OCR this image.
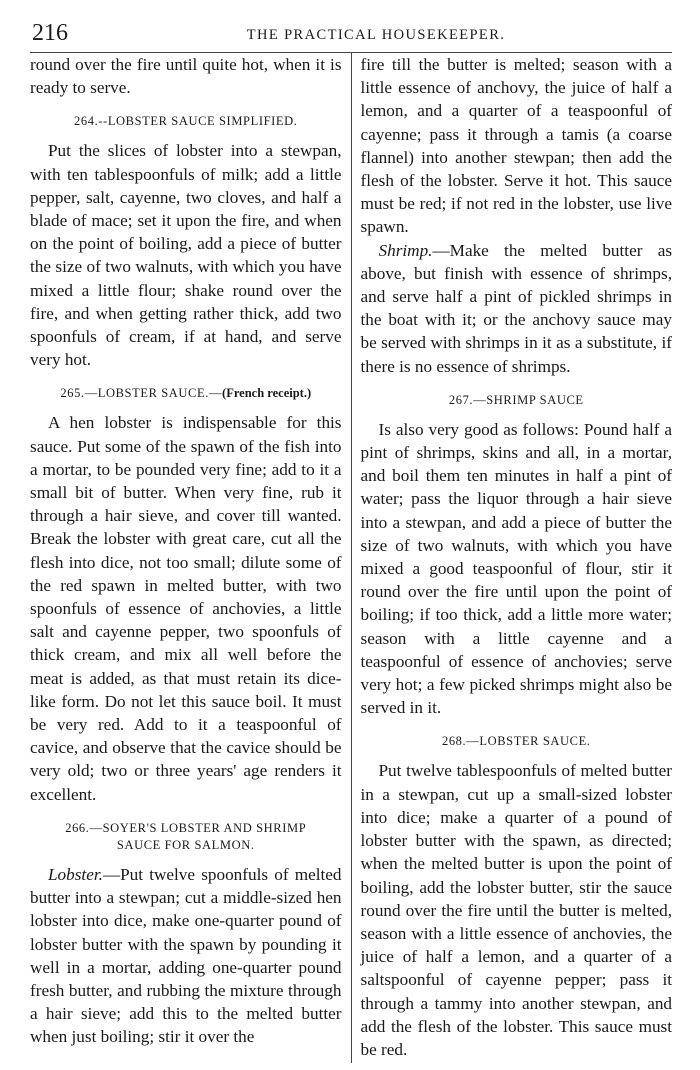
216	THE PRACTICAL HOUSEKEEPER.

round over the fire until quite hot, when it is ready to serve.

264.--LOBSTER SAUCE SIMPLIFIED.

Put the slices of lobster into a stewpan, with ten tablespoonfuls of milk; add a little pepper, salt, cayenne, two cloves, and half a blade of mace; set it upon the fire, and when on the point of boiling, add a piece of butter the size of two walnuts, with which you have mixed a little flour; shake round over the fire, and when getting rather thick, add two spoonfuls of cream, if at hand, and serve very hot.

265.—LOBSTER SAUCE.—(French receipt.)

A hen lobster is indispensable for this sauce. Put some of the spawn of the fish into a mortar, to be pounded very fine; add to it a small bit of butter. When very fine, rub it through a hair sieve, and cover till wanted. Break the lobster with great care, cut all the flesh into dice, not too small; dilute some of the red spawn in melted butter, with two spoonfuls of essence of anchovies, a little salt and cayenne pepper, two spoonfuls of thick cream, and mix all well before the meat is added, as that must retain its dice-like form. Do not let this sauce boil. It must be very red. Add to it a teaspoonful of cavice, and observe that the cavice should be very old; two or three years' age renders it excellent.

266.—SOYER'S LOBSTER AND SHRIMP
SAUCE FOR SALMON.

Lobster.—Put twelve spoonfuls of melted butter into a stewpan; cut a middle-sized hen lobster into dice, make one-quarter pound of lobster butter with the spawn by pounding it well in a mortar, adding one-quarter pound fresh butter, and rubbing the mixture through a hair sieve; add this to the melted butter when just boiling; stir it over the

fire till the butter is melted; season with a little essence of anchovy, the juice of half a lemon, and a quarter of a teaspoonful of cayenne; pass it through a tamis (a coarse flannel) into another stewpan; then add the flesh of the lobster. Serve it hot. This sauce must be red; if not red in the lobster, use live spawn.

Shrimp.—Make the melted butter as above, but finish with essence of shrimps, and serve half a pint of pickled shrimps in the boat with it; or the anchovy sauce may be served with shrimps in it as a substitute, if there is no essence of shrimps.

267.—SHRIMP SAUCE

Is also very good as follows: Pound half a pint of shrimps, skins and all, in a mortar, and boil them ten minutes in half a pint of water; pass the liquor through a hair sieve into a stewpan, and add a piece of butter the size of two walnuts, with which you have mixed a good teaspoonful of flour, stir it round over the fire until upon the point of boiling; if too thick, add a little more water; season with a little cayenne and a teaspoonful of essence of anchovies; serve very hot; a few picked shrimps might also be served in it.

268.—LOBSTER SAUCE.

Put twelve tablespoonfuls of melted butter in a stewpan, cut up a small-sized lobster into dice; make a quarter of a pound of lobster butter with the spawn, as directed; when the melted butter is upon the point of boiling, add the lobster butter, stir the sauce round over the fire until the butter is melted, season with a little essence of anchovies, the juice of half a lemon, and a quarter of a saltspoonful of cayenne pepper; pass it through a tammy into another stewpan, and add the flesh of the lobster. This sauce must be red.
